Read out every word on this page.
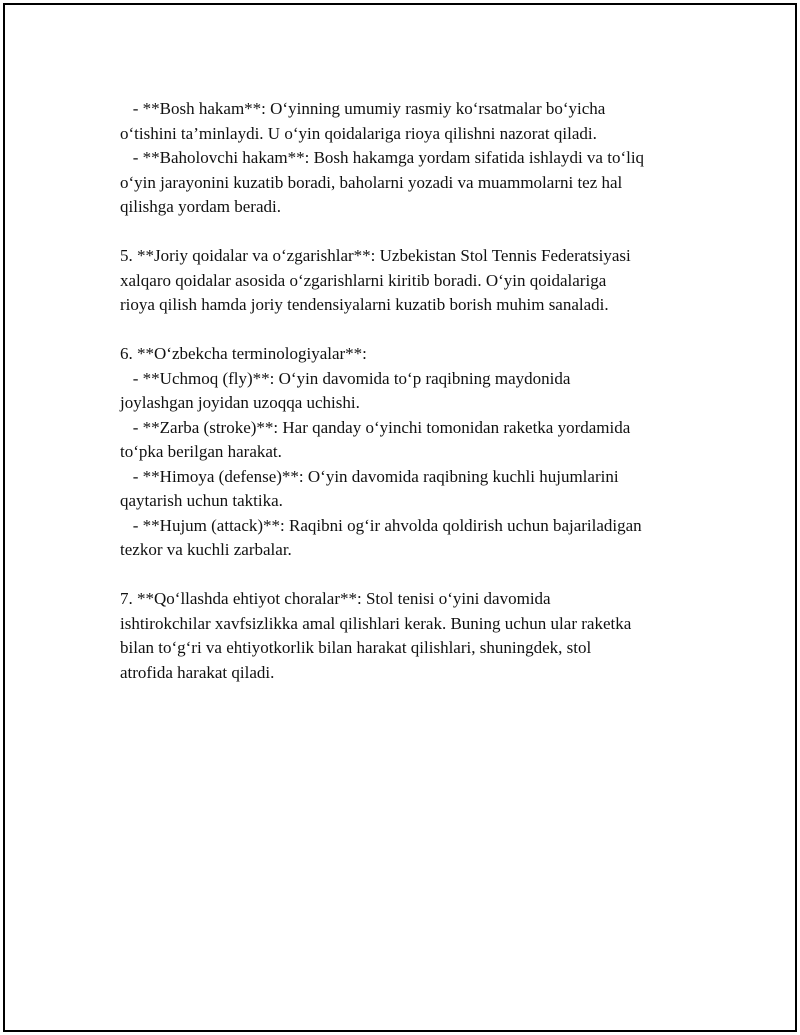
- **Bosh hakam**: O‘yinning umumiy rasmiy ko‘rsatmalar bo‘yicha
o‘tishini ta’minlaydi. U o‘yin qoidalariga rioya qilishni nazorat qiladi.
- **Baholovchi hakam**: Bosh hakamga yordam sifatida ishlaydi va to‘liq
o‘yin jarayonini kuzatib boradi, baholarni yozadi va muammolarni tez hal
qilishga yordam beradi.
5. **Joriy qoidalar va o‘zgarishlar**: Uzbekistan Stol Tennis Federatsiyasi
xalqaro qoidalar asosida o‘zgarishlarni kiritib boradi. O‘yin qoidalariga
rioya qilish hamda joriy tendensiyalarni kuzatib borish muhim sanaladi.
6. **O‘zbekcha terminologiyalar**:
- **Uchmoq (fly)**: O‘yin davomida to‘p raqibning maydonida
joylashgan joyidan uzoqqa uchishi.
- **Zarba (stroke)**: Har qanday o‘yinchi tomonidan raketka yordamida
to‘pka berilgan harakat.
- **Himoya (defense)**: O‘yin davomida raqibning kuchli hujumlarini
qaytarish uchun taktika.
- **Hujum (attack)**: Raqibni og‘ir ahvolda qoldirish uchun bajariladigan
tezkor va kuchli zarbalar.
7. **Qo‘llashda ehtiyot choralar**: Stol tenisi o‘yini davomida
ishtirokchilar xavfsizlikka amal qilishlari kerak. Buning uchun ular raketka
bilan to‘g‘ri va ehtiyotkorlik bilan harakat qilishlari, shuningdek, stol
atrofida harakat qiladi.
